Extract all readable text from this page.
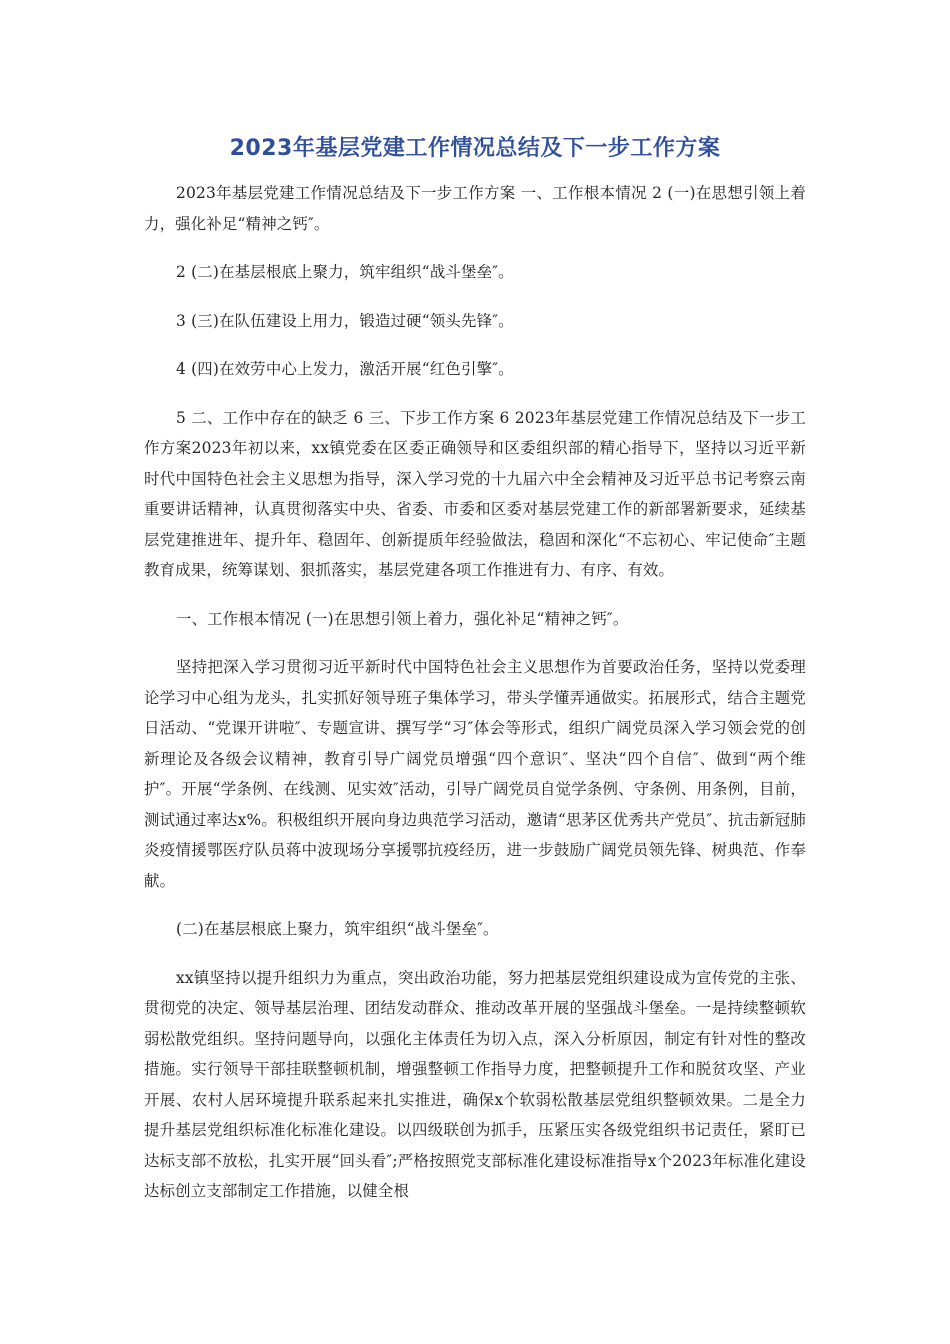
2023年基层党建工作情况总结及下一步工作方案

2023年基层党建工作情况总结及下一步工作方案 一、工作根本情况 2 (一)在思想引领上着力，强化补足“精神之钙″。

2 (二)在基层根底上聚力，筑牢组织“战斗堡垒″。

3 (三)在队伍建设上用力，锻造过硬“领头先锋″。

4 (四)在效劳中心上发力，激活开展“红色引擎″。

5 二、工作中存在的缺乏 6 三、下步工作方案 6 2023年基层党建工作情况总结及下一步工作方案2023年初以来，xx镇党委在区委正确领导和区委组织部的精心指导下，坚持以习近平新时代中国特色社会主义思想为指导，深入学习党的十九届六中全会精神及习近平总书记考察云南重要讲话精神，认真贯彻落实中央、省委、市委和区委对基层党建工作的新部署新要求，延续基层党建推进年、提升年、稳固年、创新提质年经验做法，稳固和深化“不忘初心、牢记使命″主题教育成果，统筹谋划、狠抓落实，基层党建各项工作推进有力、有序、有效。

一、工作根本情况 (一)在思想引领上着力，强化补足“精神之钙″。

坚持把深入学习贯彻习近平新时代中国特色社会主义思想作为首要政治任务，坚持以党委理论学习中心组为龙头，扎实抓好领导班子集体学习，带头学懂弄通做实。拓展形式，结合主题党日活动、“党课开讲啦″、专题宣讲、撰写学“习″体会等形式，组织广阔党员深入学习领会党的创新理论及各级会议精神，教育引导广阔党员增强“四个意识″、坚决“四个自信″、做到“两个维护″。开展“学条例、在线测、见实效″活动，引导广阔党员自觉学条例、守条例、用条例，目前，测试通过率达x%。积极组织开展向身边典范学习活动，邀请“思茅区优秀共产党员″、抗击新冠肺炎疫情援鄂医疗队员蒋中波现场分享援鄂抗疫经历，进一步鼓励广阔党员领先锋、树典范、作奉献。

(二)在基层根底上聚力，筑牢组织“战斗堡垒″。

xx镇坚持以提升组织力为重点，突出政治功能，努力把基层党组织建设成为宣传党的主张、贯彻党的决定、领导基层治理、团结发动群众、推动改革开展的坚强战斗堡垒。一是持续整顿软弱松散党组织。坚持问题导向，以强化主体责任为切入点，深入分析原因，制定有针对性的整改措施。实行领导干部挂联整顿机制，增强整顿工作指导力度，把整顿提升工作和脱贫攻坚、产业开展、农村人居环境提升联系起来扎实推进，确保x个软弱松散基层党组织整顿效果。二是全力提升基层党组织标准化标准化建设。以四级联创为抓手，压紧压实各级党组织书记责任，紧盯已达标支部不放松，扎实开展“回头看″;严格按照党支部标准化建设标准指导x个2023年标准化建设达标创立支部制定工作措施，以健全根
